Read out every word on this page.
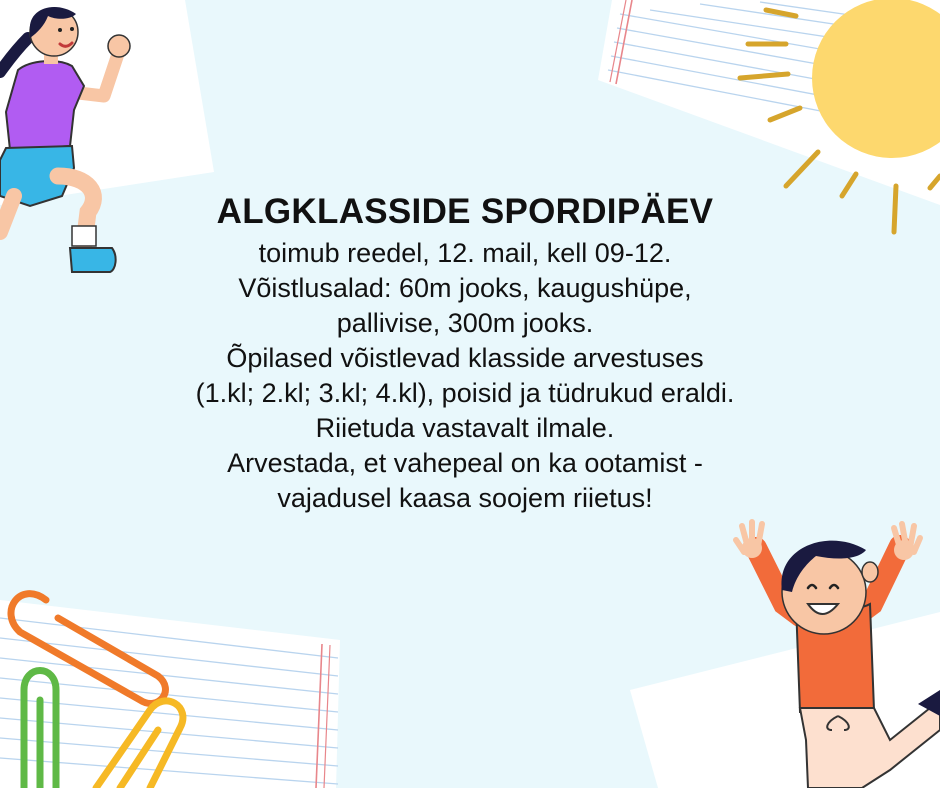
ALGKLASSIDE SPORDIPÄEV

toimub reedel, 12. mail, kell 09-12.

Võistlusalad: 60m jooks, kaugushüpe,

pallivise, 300m jooks.

Õpilased võistlevad klasside arvestuses

(1.kl; 2.kl; 3.kl; 4.kl), poisid ja tüdrukud eraldi.

Riietuda vastavalt ilmale.

Arvestada, et vahepeal on ka ootamist -

vajadusel kaasa soojem riietus!
